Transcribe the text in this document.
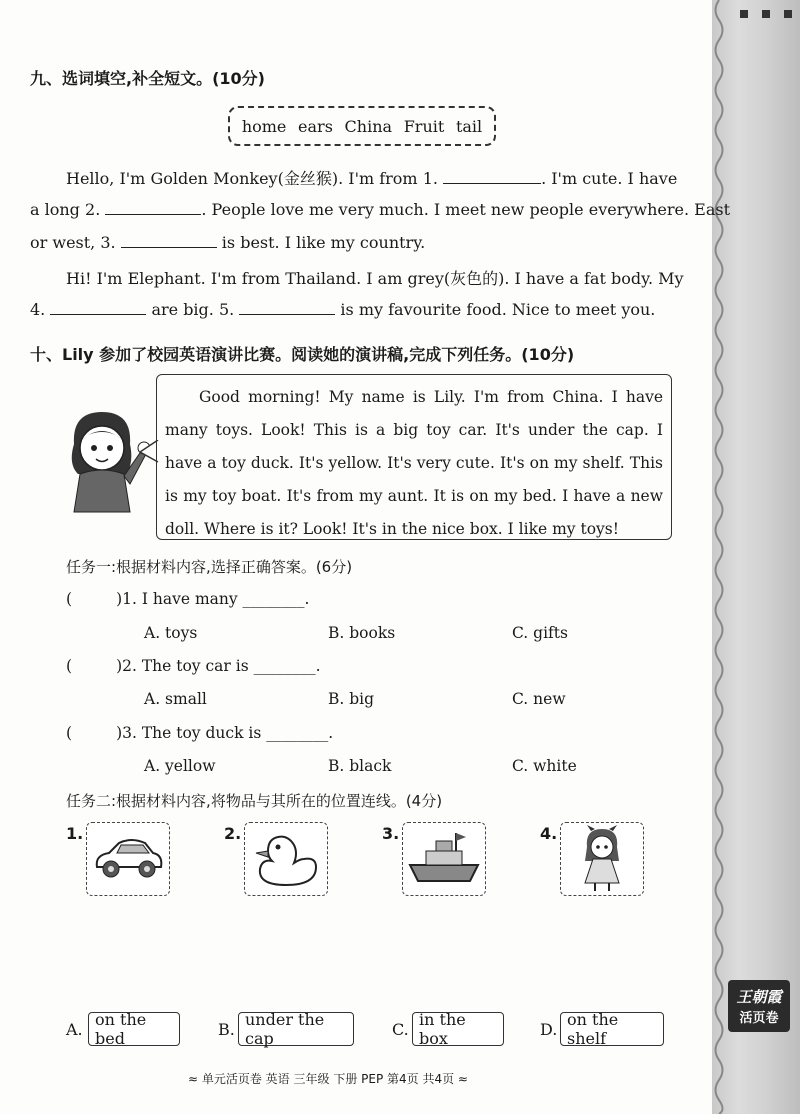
王朝霞
活页卷
九、选词填空,补全短文。(10分)
home ears China Fruit tail
Hello, I'm Golden Monkey(金丝猴). I'm from 1.	. I'm cute. I have
a long 2.	. People love me very much. I meet new people everywhere. East
or west, 3.	is best. I like my country.
Hi! I'm Elephant. I'm from Thailand. I am grey(灰色的). I have a fat body. My
4.	are big. 5.	is my favourite food. Nice to meet you.
十、Lily 参加了校园英语演讲比赛。阅读她的演讲稿,完成下列任务。(10分)

Good morning! My name is Lily. I'm from China. I have many toys. Look! This is a big toy car. It's under the cap. I have a toy duck. It's yellow. It's very cute. It's on my shelf. This is my toy boat. It's from my aunt. It is on my bed. I have a new doll. Where is it? Look! It's in the nice box. I like my toys!

任务一:根据材料内容,选择正确答案。(6分)
(	)1. I have many ________.
A. toys	B. books	C. gifts
(	)2. The toy car is ________.
A. small	B. big	C. new
(	)3. The toy duck is ________.
A. yellow	B. black	C. white
任务二:根据材料内容,将物品与其所在的位置连线。(4分)
1.	2.	3.	4.
A.
on the bed	B.
under the cap	C.
in the box	D.
on the shelf
≈ 单元活页卷 英语 三年级 下册 PEP 第4页 共4页 ≈
